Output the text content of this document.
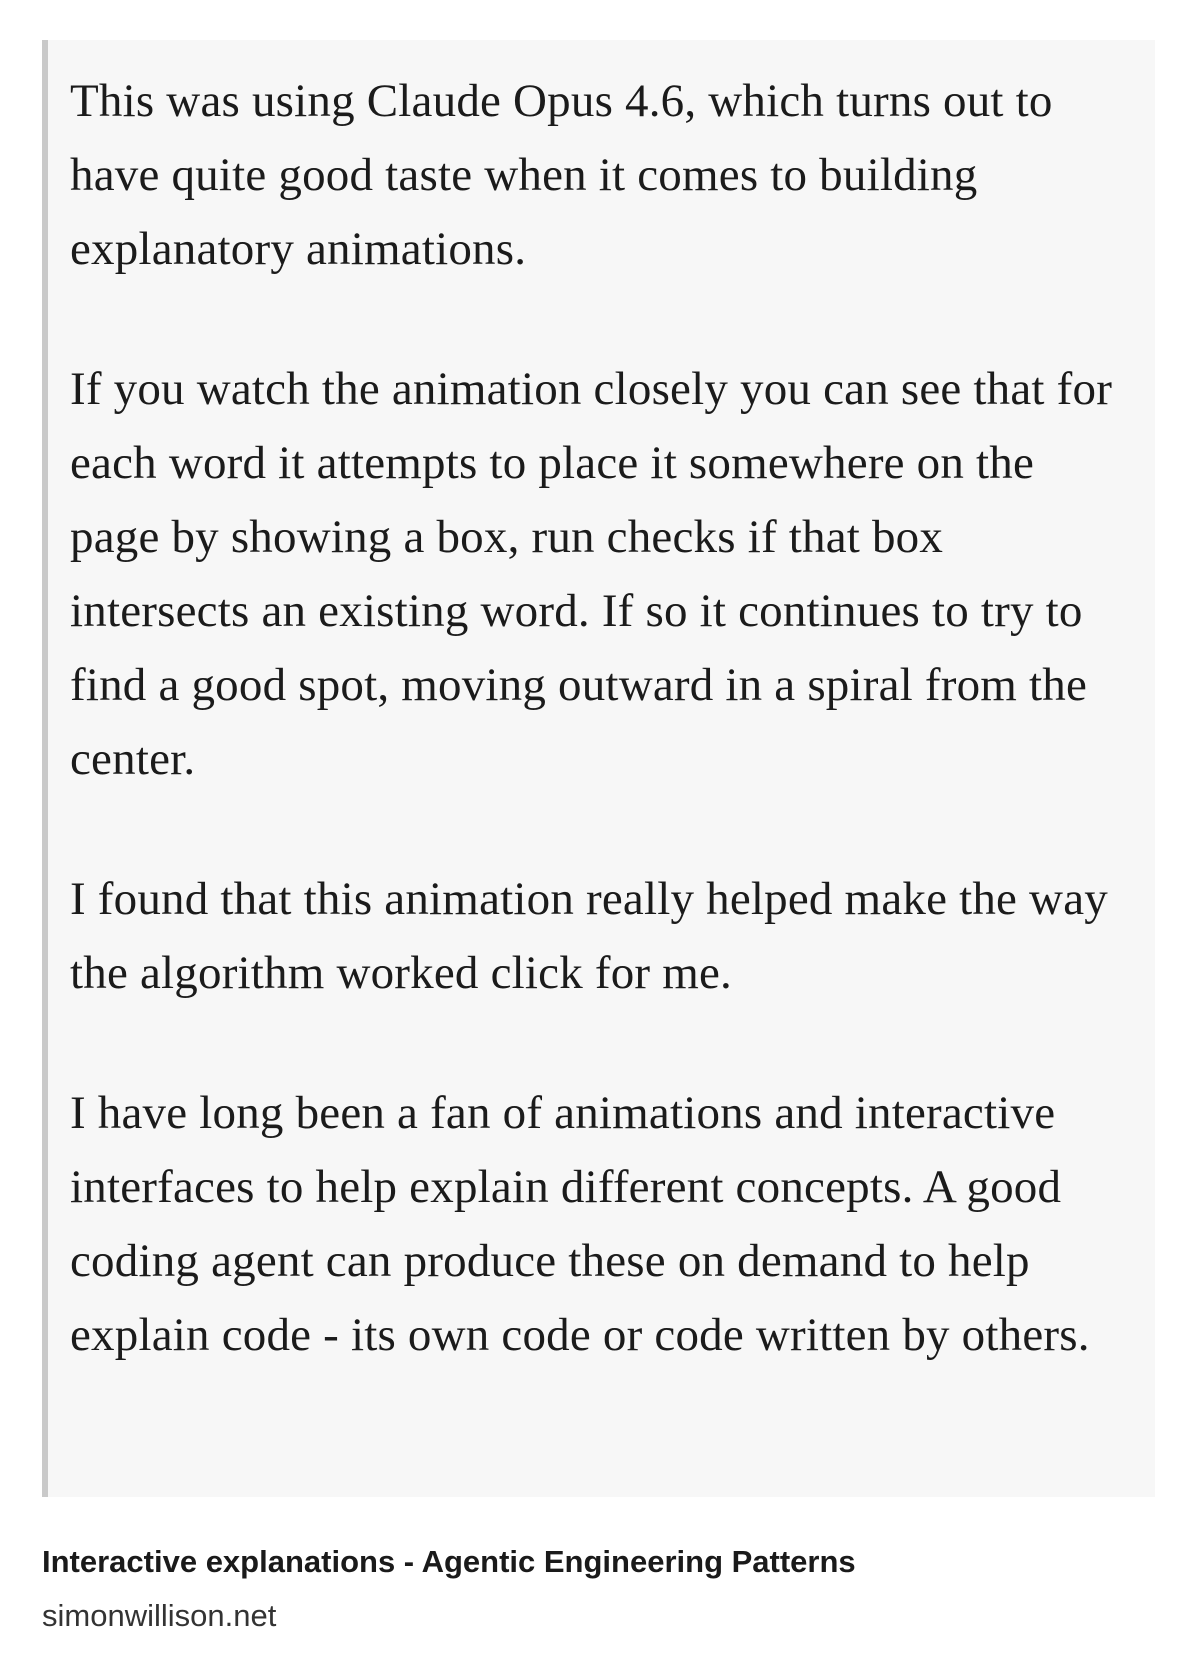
This was using Claude Opus 4.6, which turns out to have quite good taste when it comes to building explanatory animations.

If you watch the animation closely you can see that for each word it attempts to place it somewhere on the page by showing a box, run checks if that box intersects an existing word. If so it continues to try to find a good spot, moving outward in a spiral from the center.

I found that this animation really helped make the way the algorithm worked click for me.

I have long been a fan of animations and interactive interfaces to help explain different concepts. A good coding agent can produce these on demand to help explain code - its own code or code written by others.

Interactive explanations - Agentic Engineering Patterns
simonwillison.net
